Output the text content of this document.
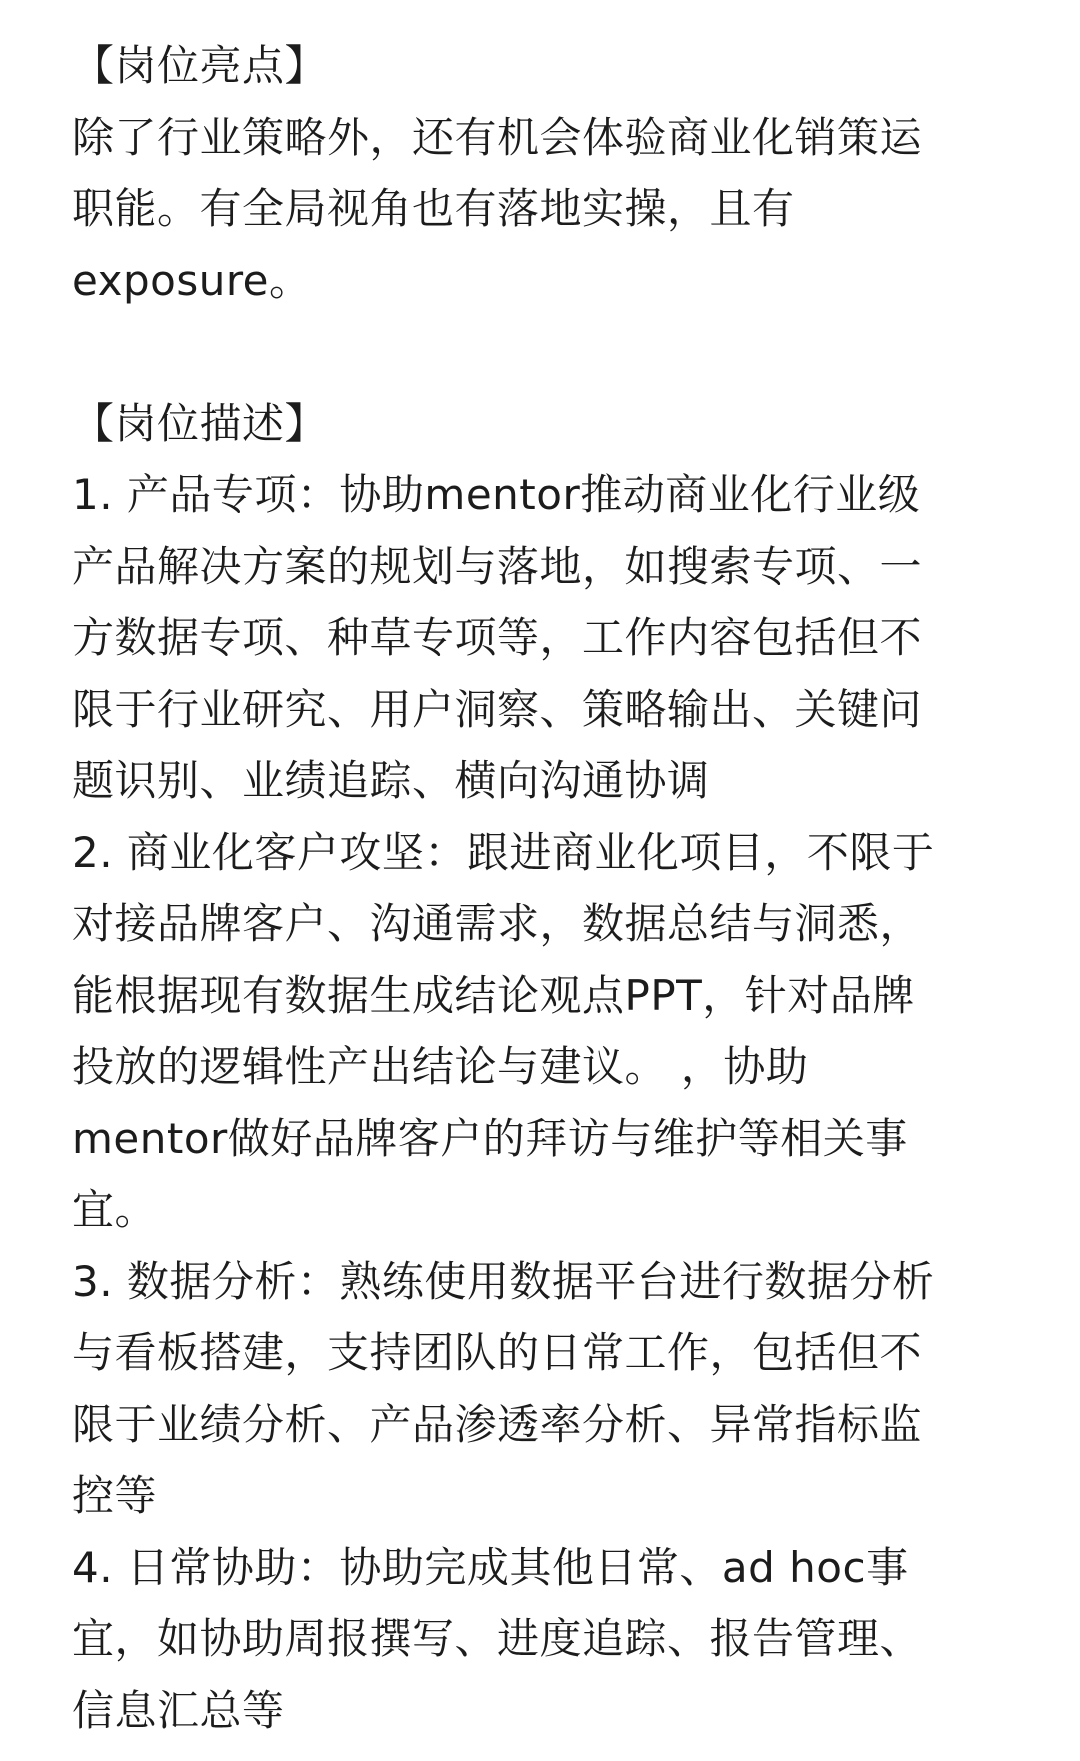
【岗位亮点】
除了行业策略外，还有机会体验商业化销策运
职能。有全局视角也有落地实操，且有
exposure。
【岗位描述】
1. 产品专项：协助mentor推动商业化行业级
产品解决方案的规划与落地，如搜索专项、一
方数据专项、种草专项等，工作内容包括但不
限于行业研究、用户洞察、策略输出、关键问
题识别、业绩追踪、横向沟通协调
2. 商业化客户攻坚：跟进商业化项目，不限于
对接品牌客户、沟通需求，数据总结与洞悉，
能根据现有数据生成结论观点PPT，针对品牌
投放的逻辑性产出结论与建议。 ，协助
mentor做好品牌客户的拜访与维护等相关事
宜。
3. 数据分析：熟练使用数据平台进行数据分析
与看板搭建，支持团队的日常工作，包括但不
限于业绩分析、产品渗透率分析、异常指标监
控等
4. 日常协助：协助完成其他日常、ad hoc事
宜，如协助周报撰写、进度追踪、报告管理、
信息汇总等
